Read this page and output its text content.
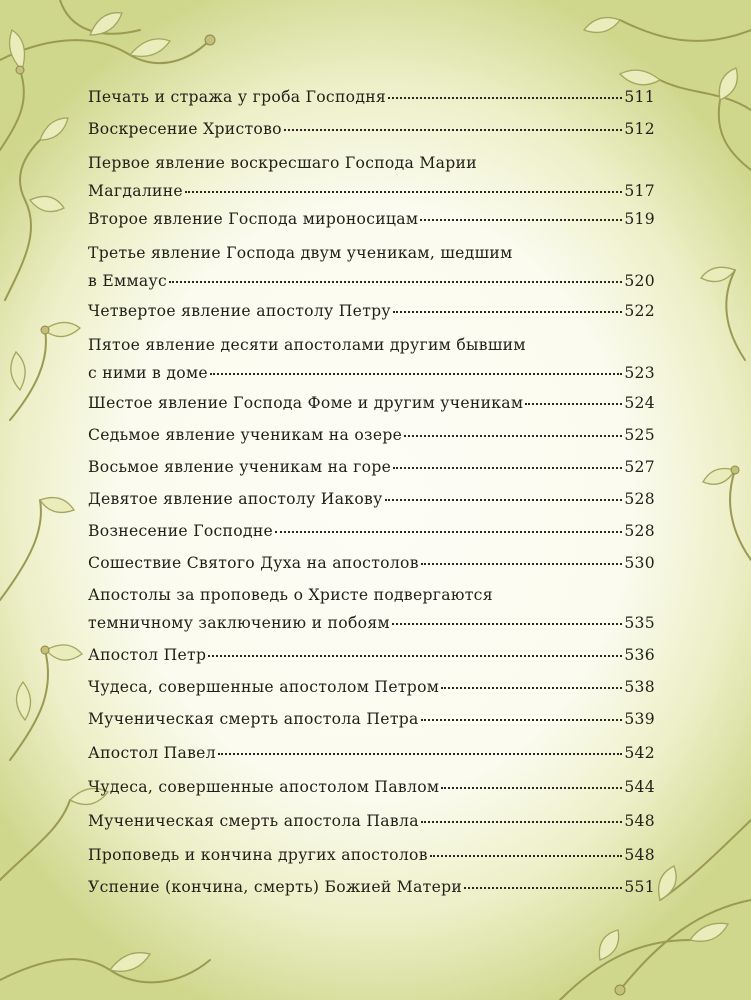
Печать и стража у гроба Господня	511
Воскресение Христово	512
Первое явление воскресшаго Господа Марии
Магдалине	517
Второе явление Господа мироносицам	519
Третье явление Господа двум ученикам, шедшим
в Еммаус	520
Четвертое явление апостолу Петру	522
Пятое явление десяти апостолами другим бывшим
с ними в доме	523
Шестое явление Господа Фоме и другим ученикам	524
Седьмое явление ученикам на озере	525
Восьмое явление ученикам на горе	527
Девятое явление апостолу Иакову	528
Вознесение Господне	528
Сошествие Святого Духа на апостолов	530
Апостолы за проповедь о Христе подвергаются
темничному заключению и побоям	535
Апостол Петр	536
Чудеса, совершенные апостолом Петром	538
Мученическая смерть апостола Петра	539
Апостол Павел	542
Чудеса, совершенные апостолом Павлом	544
Мученическая смерть апостола Павла	548
Проповедь и кончина других апостолов	548
Успение (кончина, смерть) Божией Матери	551
